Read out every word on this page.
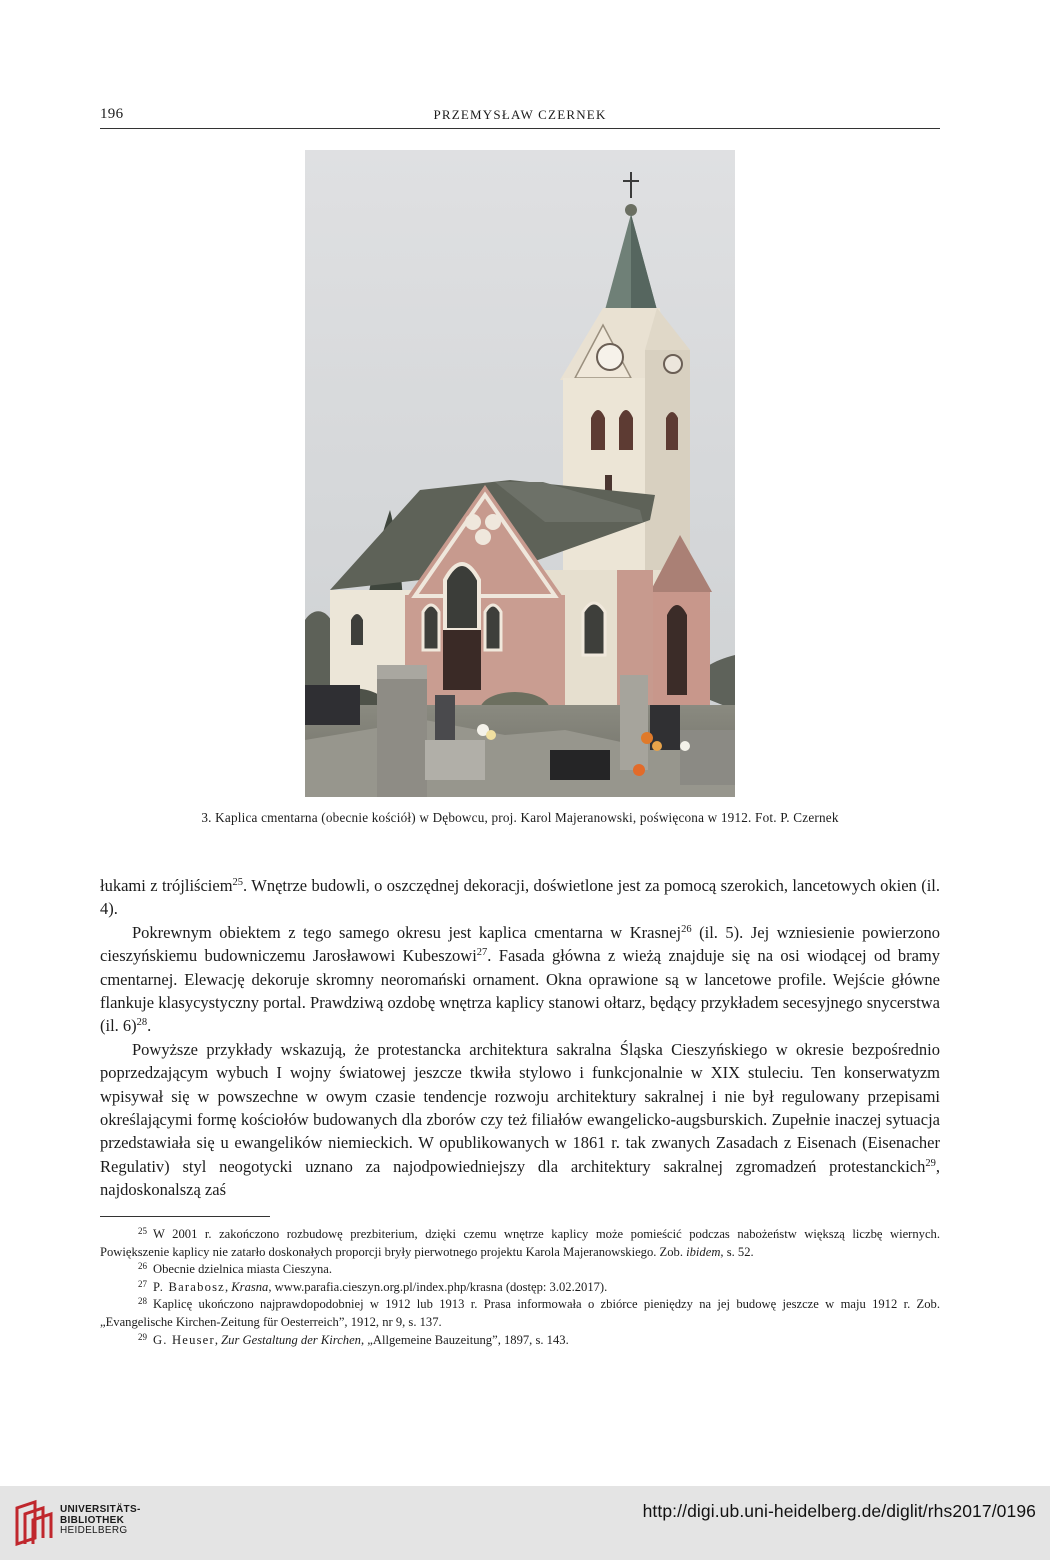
196	PRZEMYSŁAW CZERNEK
3. Kaplica cmentarna (obecnie kościół) w Dębowcu, proj. Karol Majeranowski, poświęcona w 1912. Fot. P. Czernek

łukami z trójliściem$^{25}$. Wnętrze budowli, o oszczędnej dekoracji, doświetlone jest za pomocą szerokich, lancetowych okien (il. 4).

Pokrewnym obiektem z tego samego okresu jest kaplica cmentarna w Krasnej$^{26}$ (il. 5). Jej wzniesienie powierzono cieszyńskiemu budowniczemu Jarosławowi Kubeszowi$^{27}$. Fasada główna z wieżą znajduje się na osi wiodącej od bramy cmentarnej. Elewację dekoruje skromny neoromański ornament. Okna oprawione są w lancetowe profile. Wejście główne flankuje klasycystyczny portal. Prawdziwą ozdobę wnętrza kaplicy stanowi ołtarz, będący przykładem secesyjnego snycerstwa (il. 6)$^{28}$.

Powyższe przykłady wskazują, że protestancka architektura sakralna Śląska Cieszyńskiego w okresie bezpośrednio poprzedzającym wybuch I wojny światowej jeszcze tkwiła stylowo i funkcjonalnie w XIX stuleciu. Ten konserwatyzm wpisywał się w powszechne w owym czasie tendencje rozwoju architektury sakralnej i nie był regulowany przepisami określającymi formę kościołów budowanych dla zborów czy też filiałów ewangelicko-augsburskich. Zupełnie inaczej sytuacja przedstawiała się u ewangelików niemieckich. W opublikowanych w 1861 r. tak zwanych Zasadach z Eisenach (Eisenacher Regulativ) styl neogotycki uznano za najodpowiedniejszy dla architektury sakralnej zgromadzeń protestanckich$^{29}$, najdoskonalszą zaś

$^{25}$ W 2001 r. zakończono rozbudowę prezbiterium, dzięki czemu wnętrze kaplicy może pomieścić podczas nabożeństw większą liczbę wiernych. Powiększenie kaplicy nie zatarło doskonałych proporcji bryły pierwotnego projektu Karola Majeranowskiego. Zob. ibidem, s. 52.

$^{26}$ Obecnie dzielnica miasta Cieszyna.

$^{27}$ P. Barabosz, Krasna, www.parafia.cieszyn.org.pl/index.php/krasna (dostęp: 3.02.2017).

$^{28}$ Kaplicę ukończono najprawdopodobniej w 1912 lub 1913 r. Prasa informowała o zbiórce pieniędzy na jej budowę jeszcze w maju 1912 r. Zob. „Evangelische Kirchen-Zeitung für Oesterreich”, 1912, nr 9, s. 137.

$^{29}$ G. Heuser, Zur Gestaltung der Kirchen, „Allgemeine Bauzeitung”, 1897, s. 143.

UNIVERSITÄTS-
BIBLIOTHEK
HEIDELBERG
http://digi.ub.uni-heidelberg.de/diglit/rhs2017/0196
